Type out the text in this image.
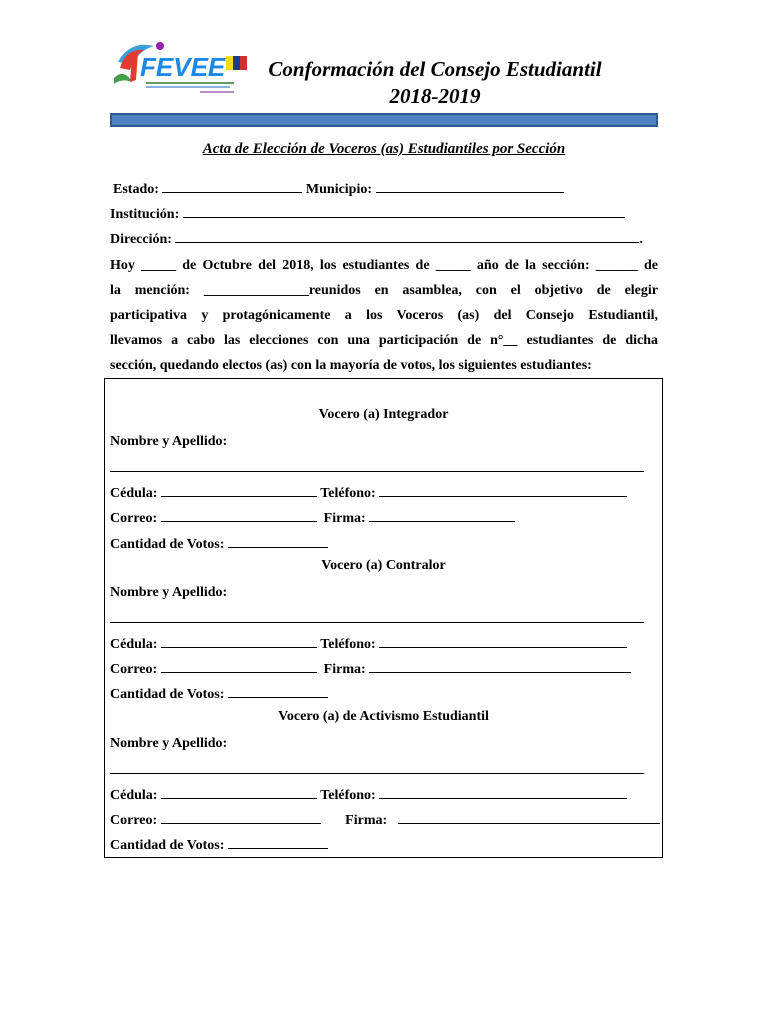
FEVEE	Conformación del Consejo Estudiantil
2018-2019
Acta de Elección de Voceros (as) Estudiantiles por Sección
Estado:	Municipio:
Institución:
Dirección:	.
Hoy _____ de Octubre del 2018, los estudiantes de _____ año de la sección: ______ de
la mención: _______________reunidos en asamblea, con el objetivo de elegir
participativa y protagónicamente a los Voceros (as) del Consejo Estudiantil,
llevamos a cabo las elecciones con una participación de n°__ estudiantes de dicha
sección, quedando electos (as) con la mayoría de votos, los siguientes estudiantes:
Vocero (a) Integrador
Nombre y Apellido:
Cédula:	Teléfono:
Correo:	Firma:
Cantidad de Votos:
Vocero (a) Contralor
Nombre y Apellido:
Cédula:	Teléfono:
Correo:	Firma:
Cantidad de Votos:
Vocero (a) de Activismo Estudiantil
Nombre y Apellido:
Cédula:	Teléfono:
Correo:	Firma:
Cantidad de Votos:
